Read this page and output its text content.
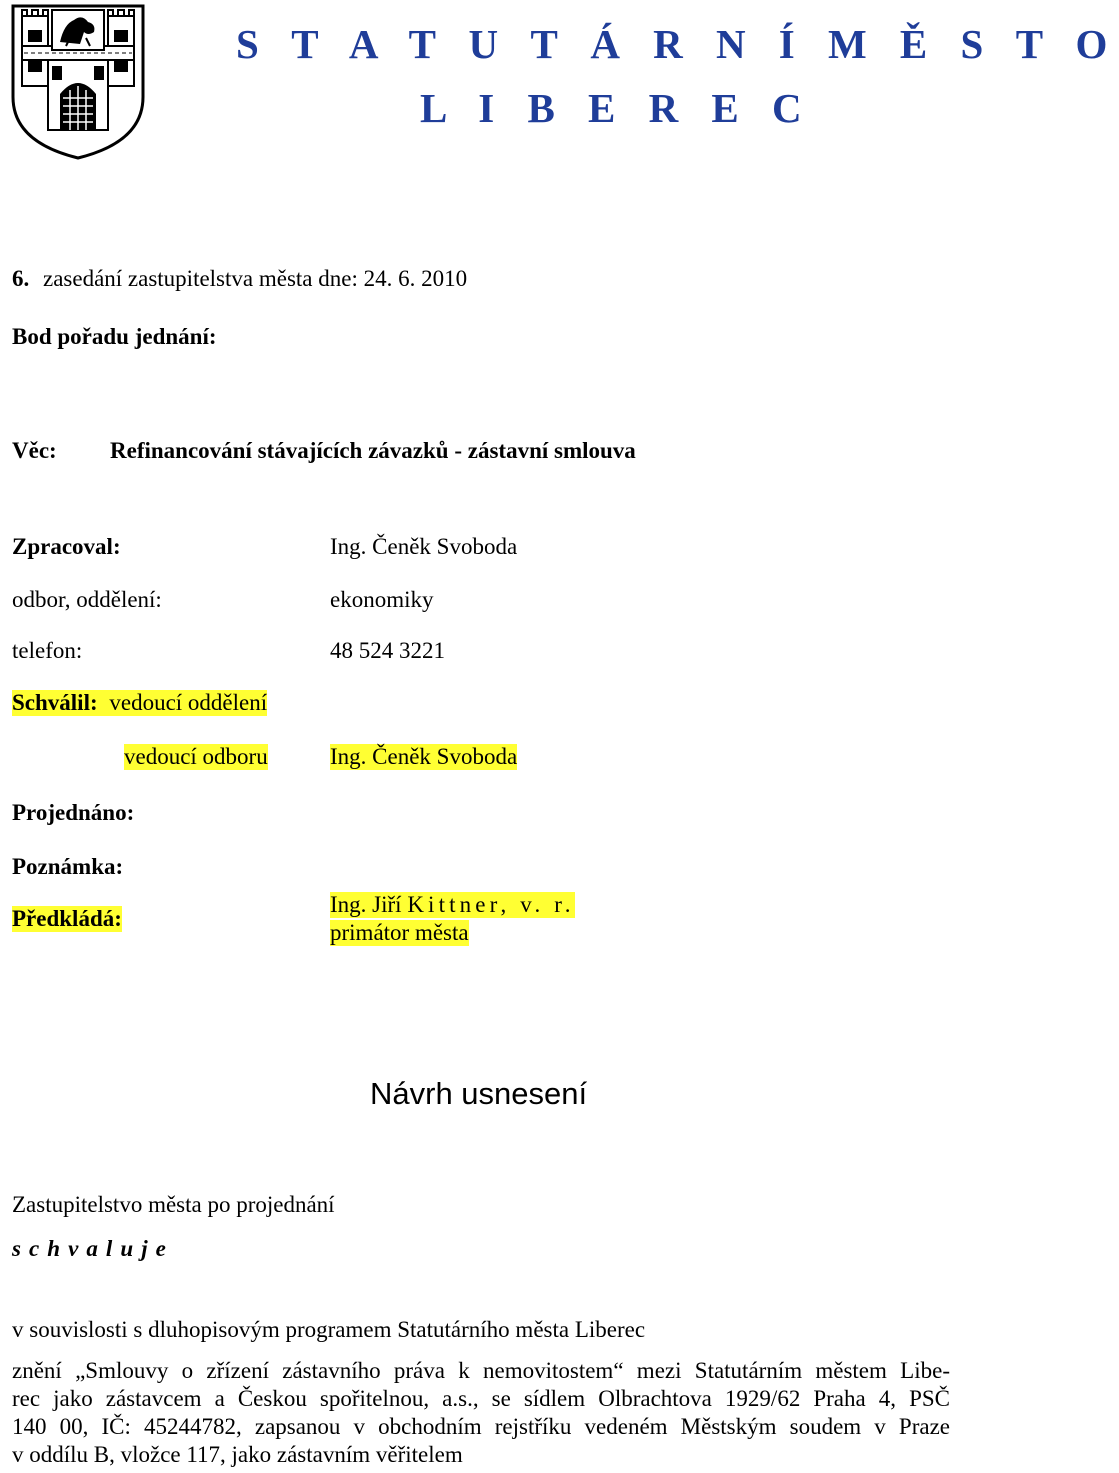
S T A T U T Á R N Í M Ě S T O
L I B E R E C
6. zasedání zastupitelstva města dne: 24. 6. 2010
Bod pořadu jednání:
Věc: Refinancování stávajících závazků - zástavní smlouva
Zpracoval:	Ing. Čeněk Svoboda
odbor, oddělení:	ekonomiky
telefon:	48 524 3221
Schválil: vedoucí oddělení
vedoucí odboru	Ing. Čeněk Svoboda
Projednáno:
Poznámka:
Předkládá:
Ing. Jiří Kittner, v. r.
primátor města
Návrh usnesení
Zastupitelstvo města po projednání
s c h v a l u j e
v souvislosti s dluhopisovým programem Statutárního města Liberec
znění „Smlouvy o zřízení zástavního práva k nemovitostem“ mezi Statutárním městem Libe-
rec jako zástavcem a Českou spořitelnou, a.s., se sídlem Olbrachtova 1929/62 Praha 4, PSČ
140 00, IČ: 45244782, zapsanou v obchodním rejstříku vedeném Městským soudem v Praze
v oddílu B, vložce 117, jako zástavním věřitelem
